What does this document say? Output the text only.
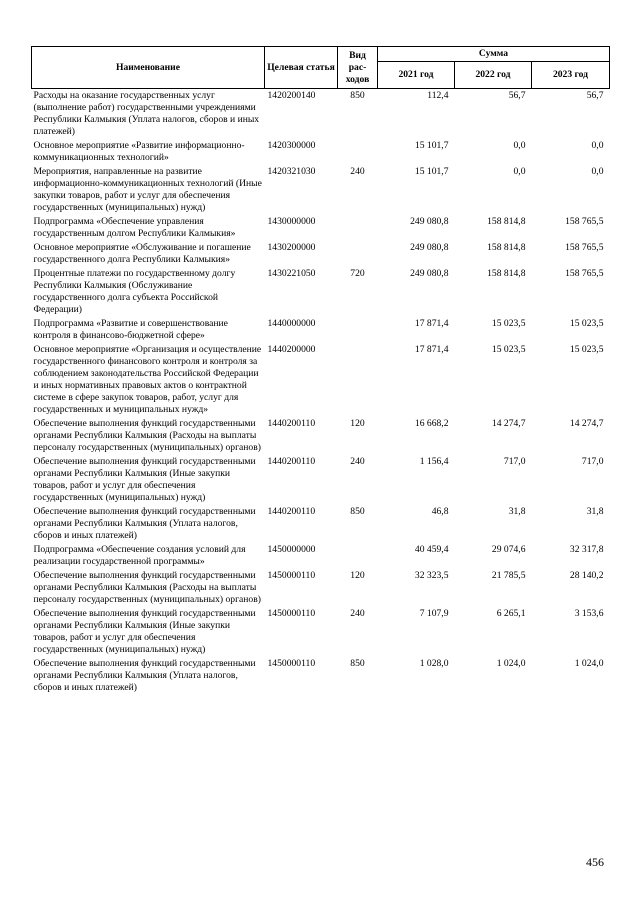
Наименование	Целевая статья	Вид рас-ходов	Сумма		
			2021 год	2022 год	2023 год
Расходы на оказание государственных услуг (выполнение работ) государственными учреждениями Республики Калмыкия (Уплата налогов, сборов и иных платежей)	1420200140	850	112,4	56,7	56,7
Основное мероприятие «Развитие информационно-коммуникационных технологий»	1420300000		15 101,7	0,0	0,0
Мероприятия, направленные на развитие информационно-коммуникационных технологий (Иные закупки товаров, работ и услуг для обеспечения государственных (муниципальных) нужд)	1420321030	240	15 101,7	0,0	0,0
Подпрограмма «Обеспечение управления государственным долгом Республики Калмыкия»	1430000000		249 080,8	158 814,8	158 765,5
Основное мероприятие «Обслуживание и погашение государственного долга Республики Калмыкия»	1430200000		249 080,8	158 814,8	158 765,5
Процентные платежи по государственному долгу Республики Калмыкия (Обслуживание государственного долга субъекта Российской Федерации)	1430221050	720	249 080,8	158 814,8	158 765,5
Подпрограмма «Развитие и совершенствование контроля в финансово-бюджетной сфере»	1440000000		17 871,4	15 023,5	15 023,5
Основное мероприятие «Организация и осуществление государственного финансового контроля и контроля за соблюдением законодательства Российской Федерации и иных нормативных правовых актов о контрактной системе в сфере закупок товаров, работ, услуг для государственных и муниципальных нужд»	1440200000		17 871,4	15 023,5	15 023,5
Обеспечение выполнения функций государственными органами Республики Калмыкия (Расходы на выплаты персоналу государственных (муниципальных) органов)	1440200110	120	16 668,2	14 274,7	14 274,7
Обеспечение выполнения функций государственными органами Республики Калмыкия (Иные закупки товаров, работ и услуг для обеспечения государственных (муниципальных) нужд)	1440200110	240	1 156,4	717,0	717,0
Обеспечение выполнения функций государственными органами Республики Калмыкия (Уплата налогов, сборов и иных платежей)	1440200110	850	46,8	31,8	31,8
Подпрограмма «Обеспечение создания условий для реализации государственной программы»	1450000000		40 459,4	29 074,6	32 317,8
Обеспечение выполнения функций государственными органами Республики Калмыкия (Расходы на выплаты персоналу государственных (муниципальных) органов)	1450000110	120	32 323,5	21 785,5	28 140,2
Обеспечение выполнения функций государственными органами Республики Калмыкия (Иные закупки товаров, работ и услуг для обеспечения государственных (муниципальных) нужд)	1450000110	240	7 107,9	6 265,1	3 153,6
Обеспечение выполнения функций государственными органами Республики Калмыкия (Уплата налогов, сборов и иных платежей)	1450000110	850	1 028,0	1 024,0	1 024,0
456
